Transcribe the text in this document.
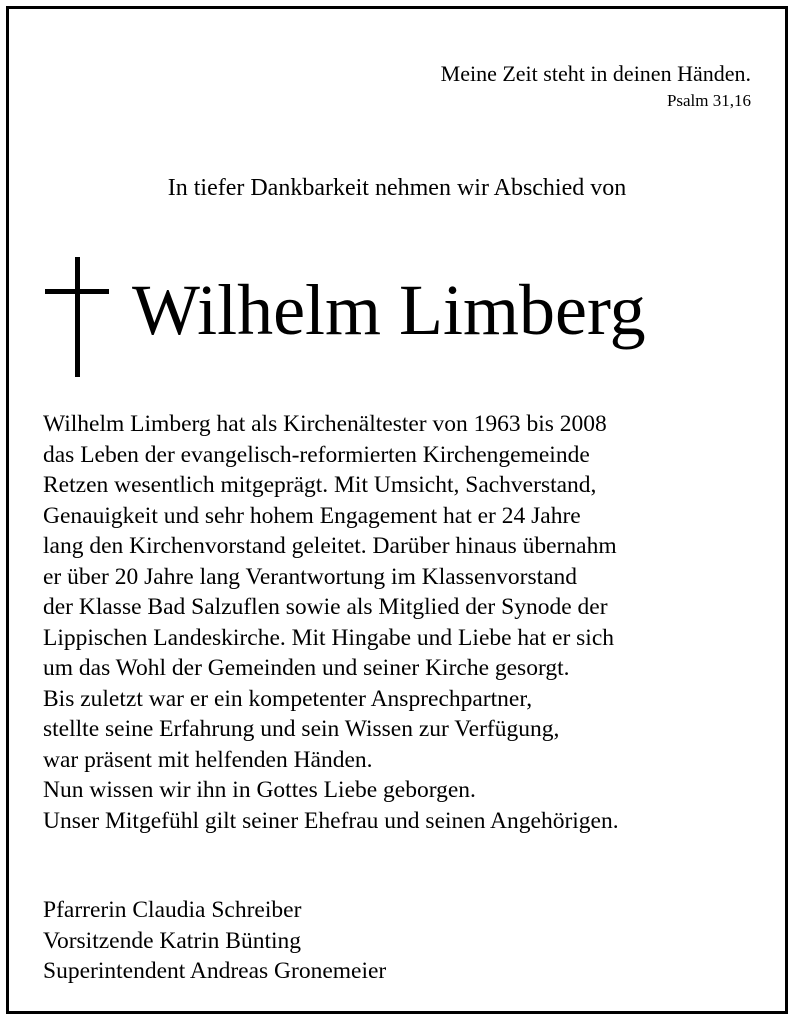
Meine Zeit steht in deinen Händen.
Psalm 31,16
In tiefer Dankbarkeit nehmen wir Abschied von
Wilhelm Limberg
Wilhelm Limberg hat als Kirchenältester von 1963 bis 2008
das Leben der evangelisch-reformierten Kirchengemeinde
Retzen wesentlich mitgeprägt. Mit Umsicht, Sachverstand,
Genauigkeit und sehr hohem Engagement hat er 24 Jahre
lang den Kirchenvorstand geleitet. Darüber hinaus übernahm
er über 20 Jahre lang Verantwortung im Klassenvorstand
der Klasse Bad Salzuflen sowie als Mitglied der Synode der
Lippischen Landeskirche. Mit Hingabe und Liebe hat er sich
um das Wohl der Gemeinden und seiner Kirche gesorgt.
Bis zuletzt war er ein kompetenter Ansprechpartner,
stellte seine Erfahrung und sein Wissen zur Verfügung,
war präsent mit helfenden Händen.
Nun wissen wir ihn in Gottes Liebe geborgen.
Unser Mitgefühl gilt seiner Ehefrau und seinen Angehörigen.
Pfarrerin Claudia Schreiber
Vorsitzende Katrin Bünting
Superintendent Andreas Gronemeier
